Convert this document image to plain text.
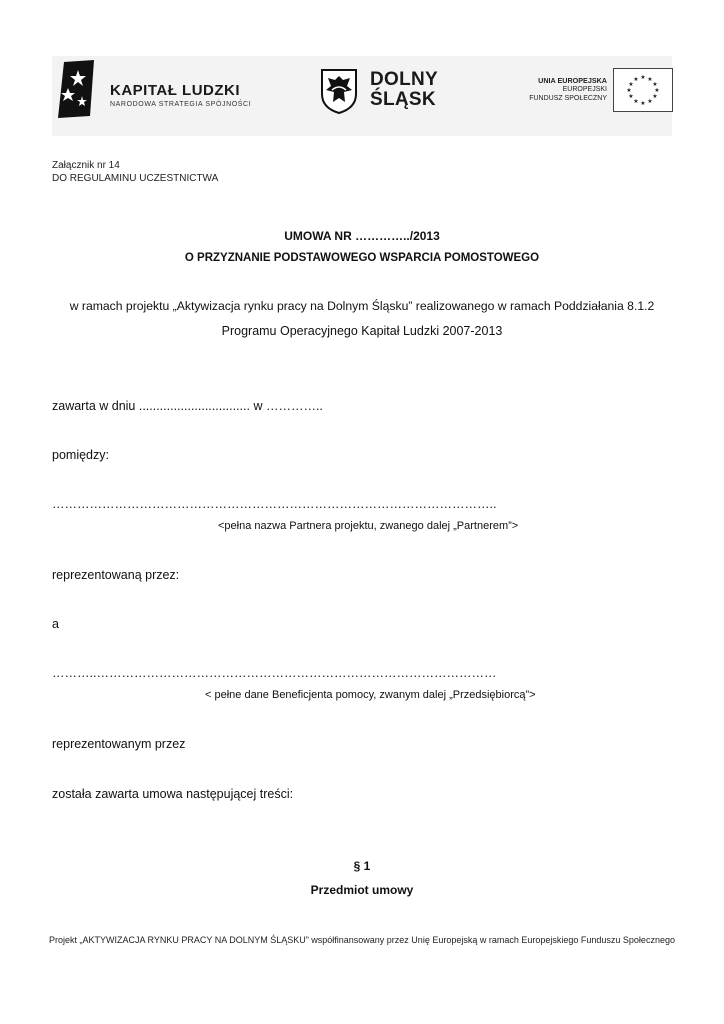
KAPITAŁ LUDZKI
NARODOWA STRATEGIA SPÓJNOŚCI
DOLNY
ŚLĄSK
UNIA EUROPEJSKA
EUROPEJSKI
FUNDUSZ SPOŁECZNY
★ ★
★
★
★
★
★
★
★
★
★
★
Załącznik nr 14
DO REGULAMINU UCZESTNICTWA
UMOWA NR …………../2013
O PRZYZNANIE PODSTAWOWEGO WSPARCIA POMOSTOWEGO
w ramach projektu „Aktywizacja rynku pracy na Dolnym Śląsku” realizowanego w ramach Poddziałania 8.1.2
Programu Operacyjnego Kapitał Ludzki 2007-2013
zawarta w dniu ................................ w …………..
pomiędzy:
……………………………………………………………………………………………..
<pełna nazwa Partnera projektu, zwanego dalej „Partnerem”>
reprezentowaną przez:
a
………..……………………………………………………………………………………
< pełne dane Beneficjenta pomocy, zwanym dalej „Przedsiębiorcą”>
reprezentowanym przez
została zawarta umowa następującej treści:
§ 1
Przedmiot umowy
Projekt „AKTYWIZACJA RYNKU PRACY NA DOLNYM ŚLĄSKU” współfinansowany przez Unię Europejską w ramach Europejskiego Funduszu Społecznego
